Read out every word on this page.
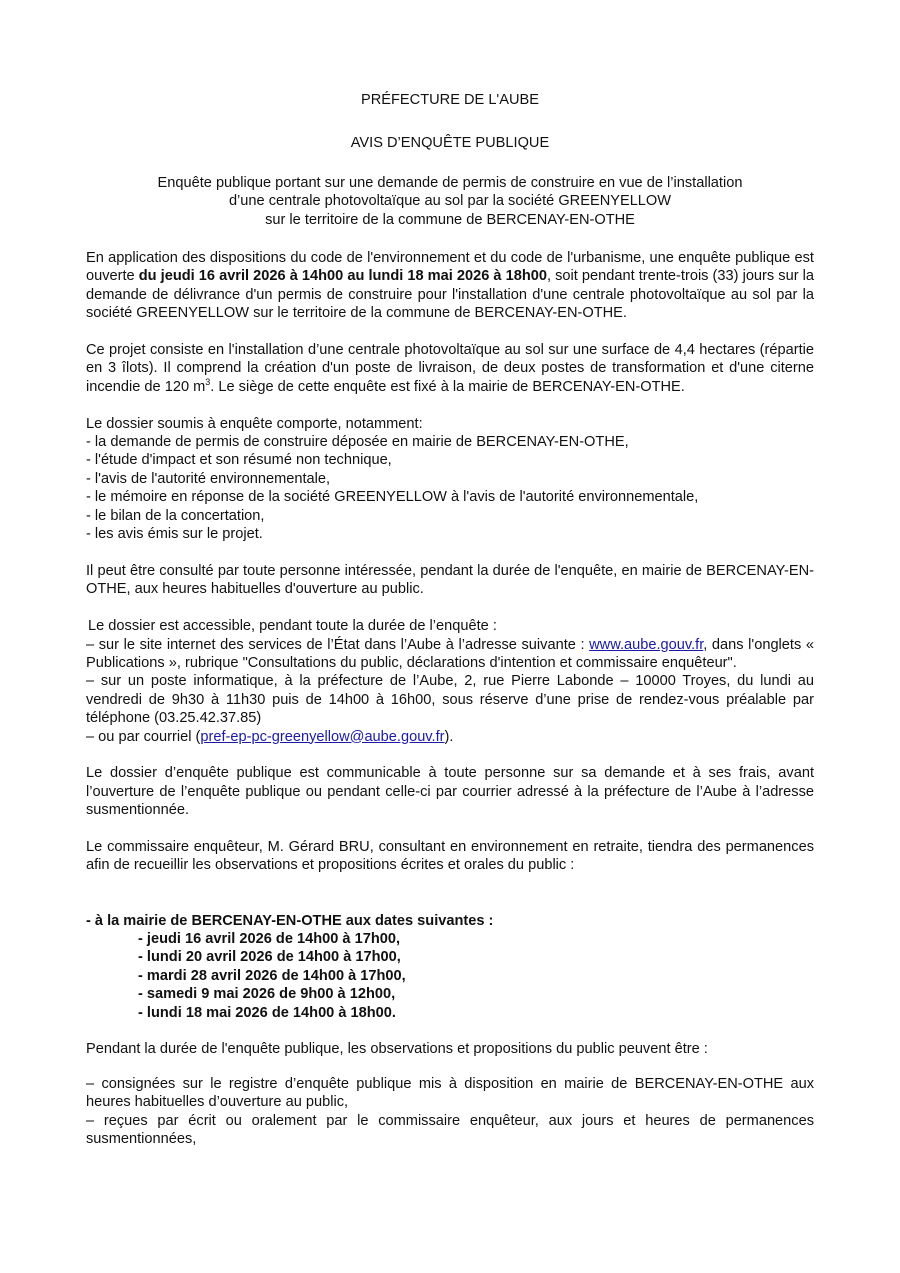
PRÉFECTURE DE L'AUBE
AVIS D’ENQUÊTE PUBLIQUE
Enquête publique portant sur une demande de permis de construire en vue de l’installation
d’une centrale photovoltaïque au sol par la société GREENYELLOW
sur le territoire de la commune de BERCENAY-EN-OTHE

En application des dispositions du code de l'environnement et du code de l'urbanisme, une enquête publique est ouverte du jeudi 16 avril 2026 à 14h00 au lundi 18 mai 2026 à 18h00, soit pendant trente-trois (33) jours sur la demande de délivrance d'un permis de construire pour l'installation d'une centrale photovoltaïque au sol par la société GREENYELLOW sur le territoire de la commune de BERCENAY-EN-OTHE.

Ce projet consiste en l'installation d’une centrale photovoltaïque au sol sur une surface de 4,4 hectares (répartie en 3 îlots). Il comprend la création d'un poste de livraison, de deux postes de transformation et d'une citerne incendie de 120 $m^3$. Le siège de cette enquête est fixé à la mairie de BERCENAY-EN-OTHE.

Le dossier soumis à enquête comporte, notamment:
- la demande de permis de construire déposée en mairie de BERCENAY-EN-OTHE,
- l'étude d'impact et son résumé non technique,
- l'avis de l'autorité environnementale,
- le mémoire en réponse de la société GREENYELLOW à l'avis de l'autorité environnementale,
- le bilan de la concertation,
- les avis émis sur le projet.

Il peut être consulté par toute personne intéressée, pendant la durée de l'enquête, en mairie de BERCENAY-EN-OTHE, aux heures habituelles d'ouverture au public.

Le dossier est accessible, pendant toute la durée de l’enquête :
– sur le site internet des services de l’État dans l’Aube à l’adresse suivante : www.aube.gouv.fr, dans l'onglets « Publications », rubrique "Consultations du public, déclarations d'intention et commissaire enquêteur".
– sur un poste informatique, à la préfecture de l’Aube, 2, rue Pierre Labonde – 10000 Troyes, du lundi au vendredi de 9h30 à 11h30 puis de 14h00 à 16h00, sous réserve d’une prise de rendez-vous préalable par téléphone (03.25.42.37.85)
– ou par courriel (pref-ep-pc-greenyellow@aube.gouv.fr).

Le dossier d’enquête publique est communicable à toute personne sur sa demande et à ses frais, avant l’ouverture de l’enquête publique ou pendant celle-ci par courrier adressé à la préfecture de l’Aube à l’adresse susmentionnée.

Le commissaire enquêteur, M. Gérard BRU, consultant en environnement en retraite, tiendra des permanences afin de recueillir les observations et propositions écrites et orales du public :

- à la mairie de BERCENAY-EN-OTHE aux dates suivantes :
- jeudi 16 avril 2026 de 14h00 à 17h00,
- lundi 20 avril 2026 de 14h00 à 17h00,
- mardi 28 avril 2026 de 14h00 à 17h00,
- samedi 9 mai 2026 de 9h00 à 12h00,
- lundi 18 mai 2026 de 14h00 à 18h00.

Pendant la durée de l'enquête publique, les observations et propositions du public peuvent être :

– consignées sur le registre d’enquête publique mis à disposition en mairie de BERCENAY-EN-OTHE aux heures habituelles d’ouverture au public,
– reçues par écrit ou oralement par le commissaire enquêteur, aux jours et heures de permanences susmentionnées,
